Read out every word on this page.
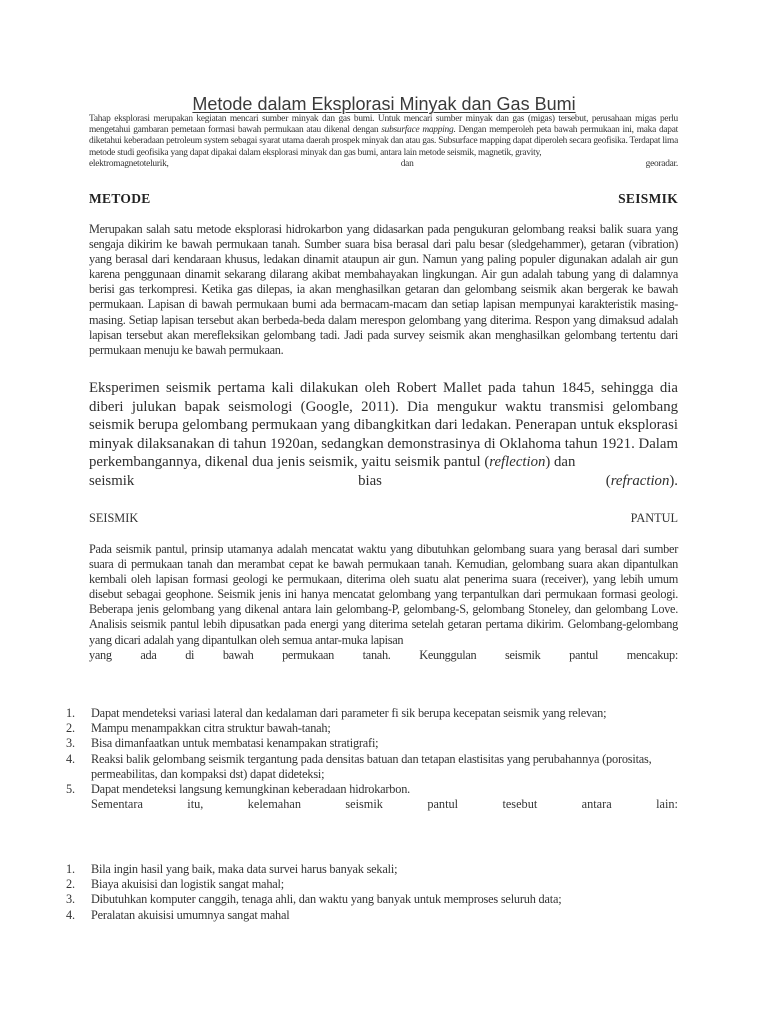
Metode dalam Eksplorasi Minyak dan Gas Bumi
Tahap eksplorasi merupakan kegiatan mencari sumber minyak dan gas bumi. Untuk mencari sumber minyak dan gas (migas) tersebut, perusahaan migas perlu mengetahui gambaran pemetaan formasi bawah permukaan atau dikenal dengan subsurface mapping. Dengan memperoleh peta bawah permukaan ini, maka dapat diketahui keberadaan petroleum system sebagai syarat utama daerah prospek minyak dan atau gas. Subsurface mapping dapat diperoleh secara geofisika. Terdapat lima metode studi geofisika yang dapat dipakai dalam eksplorasi minyak dan gas bumi, antara lain metode seismik, magnetik, gravity,
elektromagnetotelurik,	dan	georadar.
METODE	SEISMIK
Merupakan salah satu metode eksplorasi hidrokarbon yang didasarkan pada pengukuran gelombang reaksi balik suara yang sengaja dikirim ke bawah permukaan tanah. Sumber suara bisa berasal dari palu besar (sledgehammer), getaran (vibration) yang berasal dari kendaraan khusus, ledakan dinamit ataupun air gun. Namun yang paling populer digunakan adalah air gun karena penggunaan dinamit sekarang dilarang akibat membahayakan lingkungan. Air gun adalah tabung yang di dalamnya berisi gas terkompresi. Ketika gas dilepas, ia akan menghasilkan getaran dan gelombang seismik akan bergerak ke bawah permukaan. Lapisan di bawah permukaan bumi ada bermacam-macam dan setiap lapisan mempunyai karakteristik masing-masing. Setiap lapisan tersebut akan berbeda-beda dalam merespon gelombang yang diterima. Respon yang dimaksud adalah lapisan tersebut akan merefleksikan gelombang tadi. Jadi pada survey seismik akan menghasilkan gelombang tertentu dari permukaan menuju ke bawah permukaan.
Eksperimen seismik pertama kali dilakukan oleh Robert Mallet pada tahun 1845, sehingga dia diberi julukan bapak seismologi (Google, 2011). Dia mengukur waktu transmisi gelombang seismik berupa gelombang permukaan yang dibangkitkan dari ledakan. Penerapan untuk eksplorasi minyak dilaksanakan di tahun 1920an, sedangkan demonstrasinya di Oklahoma tahun 1921. Dalam perkembangannya, dikenal dua jenis seismik, yaitu seismik pantul (reflection) dan
seismik	bias	(refraction).
SEISMIK	PANTUL
Pada seismik pantul, prinsip utamanya adalah mencatat waktu yang dibutuhkan gelombang suara yang berasal dari sumber suara di permukaan tanah dan merambat cepat ke bawah permukaan tanah. Kemudian, gelombang suara akan dipantulkan kembali oleh lapisan formasi geologi ke permukaan, diterima oleh suatu alat penerima suara (receiver), yang lebih umum disebut sebagai geophone. Seismik jenis ini hanya mencatat gelombang yang terpantulkan dari permukaan formasi geologi. Beberapa jenis gelombang yang dikenal antara lain gelombang-P, gelombang-S, gelombang Stoneley, dan gelombang Love. Analisis seismik pantul lebih dipusatkan pada energi yang diterima setelah getaran pertama dikirim. Gelombang-gelombang yang dicari adalah yang dipantulkan oleh semua antar-muka lapisan
yang ada di bawah permukaan tanah. Keunggulan seismik pantul mencakup:
1.	Dapat mendeteksi variasi lateral dan kedalaman dari parameter fi sik berupa kecepatan seismik yang relevan;
2.	Mampu menampakkan citra struktur bawah-tanah;
3.	Bisa dimanfaatkan untuk membatasi kenampakan stratigrafi;
4.	Reaksi balik gelombang seismik tergantung pada densitas batuan dan tetapan elastisitas yang perubahannya (porositas, permeabilitas, dan kompaksi dst) dapat dideteksi;
5.	Dapat mendeteksi langsung kemungkinan keberadaan hidrokarbon.
Sementara	itu,	kelemahan	seismik	pantul	tesebut	antara	lain:
1.	Bila ingin hasil yang baik, maka data survei harus banyak sekali;
2.	Biaya akuisisi dan logistik sangat mahal;
3.	Dibutuhkan komputer canggih, tenaga ahli, dan waktu yang banyak untuk memproses seluruh data;
4.	Peralatan akuisisi umumnya sangat mahal
